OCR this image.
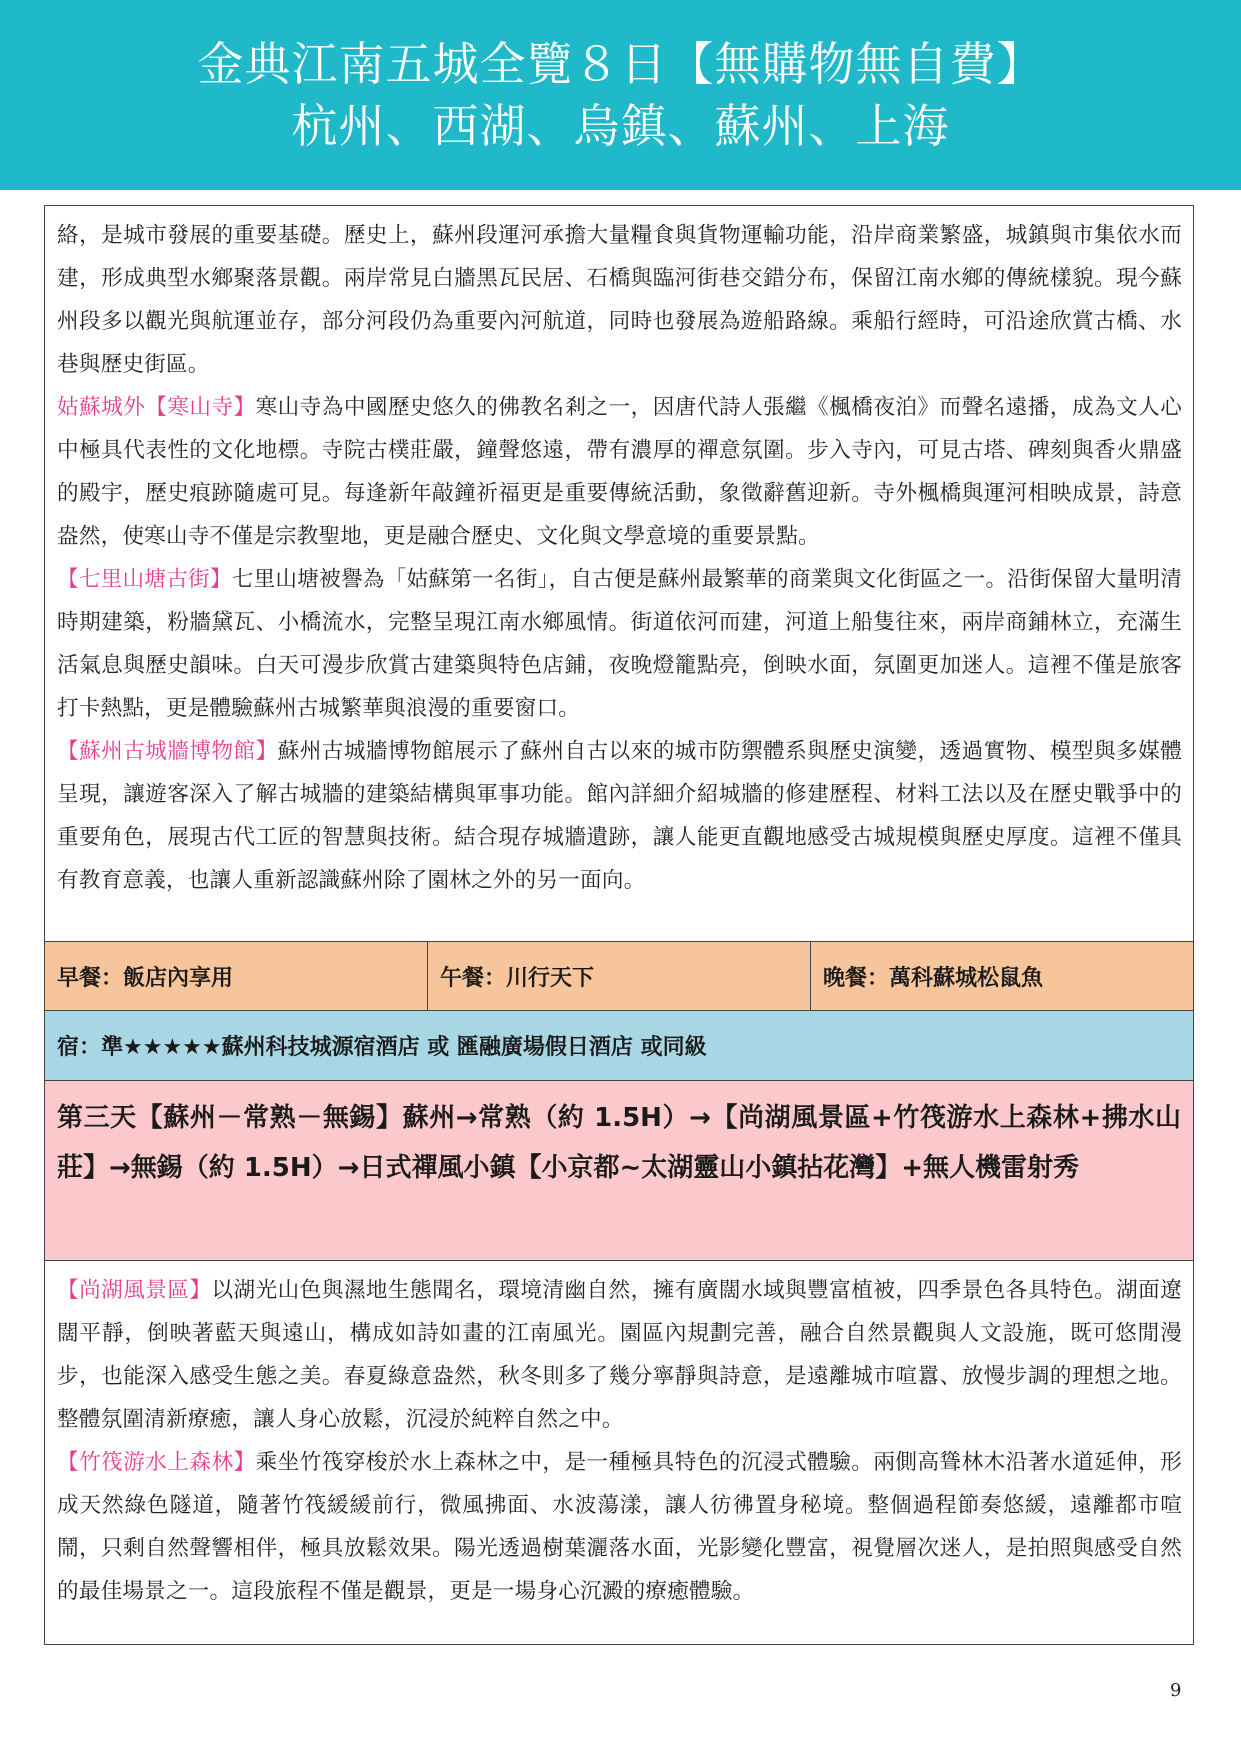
金典江南五城全覽８日【無購物無自費】
杭州、西湖、烏鎮、蘇州、上海

絡，是城市發展的重要基礎。歷史上，蘇州段運河承擔大量糧食與貨物運輸功能，沿岸商業繁盛，城鎮與市集依水而建，形成典型水鄉聚落景觀。兩岸常見白牆黑瓦民居、石橋與臨河街巷交錯分布，保留江南水鄉的傳統樣貌。現今蘇州段多以觀光與航運並存，部分河段仍為重要內河航道，同時也發展為遊船路線。乘船行經時，可沿途欣賞古橋、水巷與歷史街區。

姑蘇城外【寒山寺】寒山寺為中國歷史悠久的佛教名剎之一，因唐代詩人張繼《楓橋夜泊》而聲名遠播，成為文人心中極具代表性的文化地標。寺院古樸莊嚴，鐘聲悠遠，帶有濃厚的禪意氛圍。步入寺內，可見古塔、碑刻與香火鼎盛的殿宇，歷史痕跡隨處可見。每逢新年敲鐘祈福更是重要傳統活動，象徵辭舊迎新。寺外楓橋與運河相映成景，詩意盎然，使寒山寺不僅是宗教聖地，更是融合歷史、文化與文學意境的重要景點。

【七里山塘古街】七里山塘被譽為「姑蘇第一名街」，自古便是蘇州最繁華的商業與文化街區之一。沿街保留大量明清時期建築，粉牆黛瓦、小橋流水，完整呈現江南水鄉風情。街道依河而建，河道上船隻往來，兩岸商鋪林立，充滿生活氣息與歷史韻味。白天可漫步欣賞古建築與特色店鋪，夜晚燈籠點亮，倒映水面，氛圍更加迷人。這裡不僅是旅客打卡熱點，更是體驗蘇州古城繁華與浪漫的重要窗口。

【蘇州古城牆博物館】蘇州古城牆博物館展示了蘇州自古以來的城市防禦體系與歷史演變，透過實物、模型與多媒體呈現，讓遊客深入了解古城牆的建築結構與軍事功能。館內詳細介紹城牆的修建歷程、材料工法以及在歷史戰爭中的重要角色，展現古代工匠的智慧與技術。結合現存城牆遺跡，讓人能更直觀地感受古城規模與歷史厚度。這裡不僅具有教育意義，也讓人重新認識蘇州除了園林之外的另一面向。

早餐：飯店內享用	午餐：川行天下	晚餐：萬科蘇城松鼠魚
宿：準★★★★★蘇州科技城源宿酒店 或 匯融廣場假日酒店 或同級

第三天【蘇州－常熟－無錫】蘇州→常熟（約 1.5H）→【尚湖風景區+竹筏游水上森林+拂水山莊】→無錫（約 1.5H）→日式禪風小鎮【小京都~太湖靈山小鎮拈花灣】+無人機雷射秀

【尚湖風景區】以湖光山色與濕地生態聞名，環境清幽自然，擁有廣闊水域與豐富植被，四季景色各具特色。湖面遼闊平靜，倒映著藍天與遠山，構成如詩如畫的江南風光。園區內規劃完善，融合自然景觀與人文設施，既可悠閒漫步，也能深入感受生態之美。春夏綠意盎然，秋冬則多了幾分寧靜與詩意，是遠離城市喧囂、放慢步調的理想之地。整體氛圍清新療癒，讓人身心放鬆，沉浸於純粹自然之中。

【竹筏游水上森林】乘坐竹筏穿梭於水上森林之中，是一種極具特色的沉浸式體驗。兩側高聳林木沿著水道延伸，形成天然綠色隧道，隨著竹筏緩緩前行，微風拂面、水波蕩漾，讓人彷彿置身秘境。整個過程節奏悠緩，遠離都市喧鬧，只剩自然聲響相伴，極具放鬆效果。陽光透過樹葉灑落水面，光影變化豐富，視覺層次迷人，是拍照與感受自然的最佳場景之一。這段旅程不僅是觀景，更是一場身心沉澱的療癒體驗。

9
